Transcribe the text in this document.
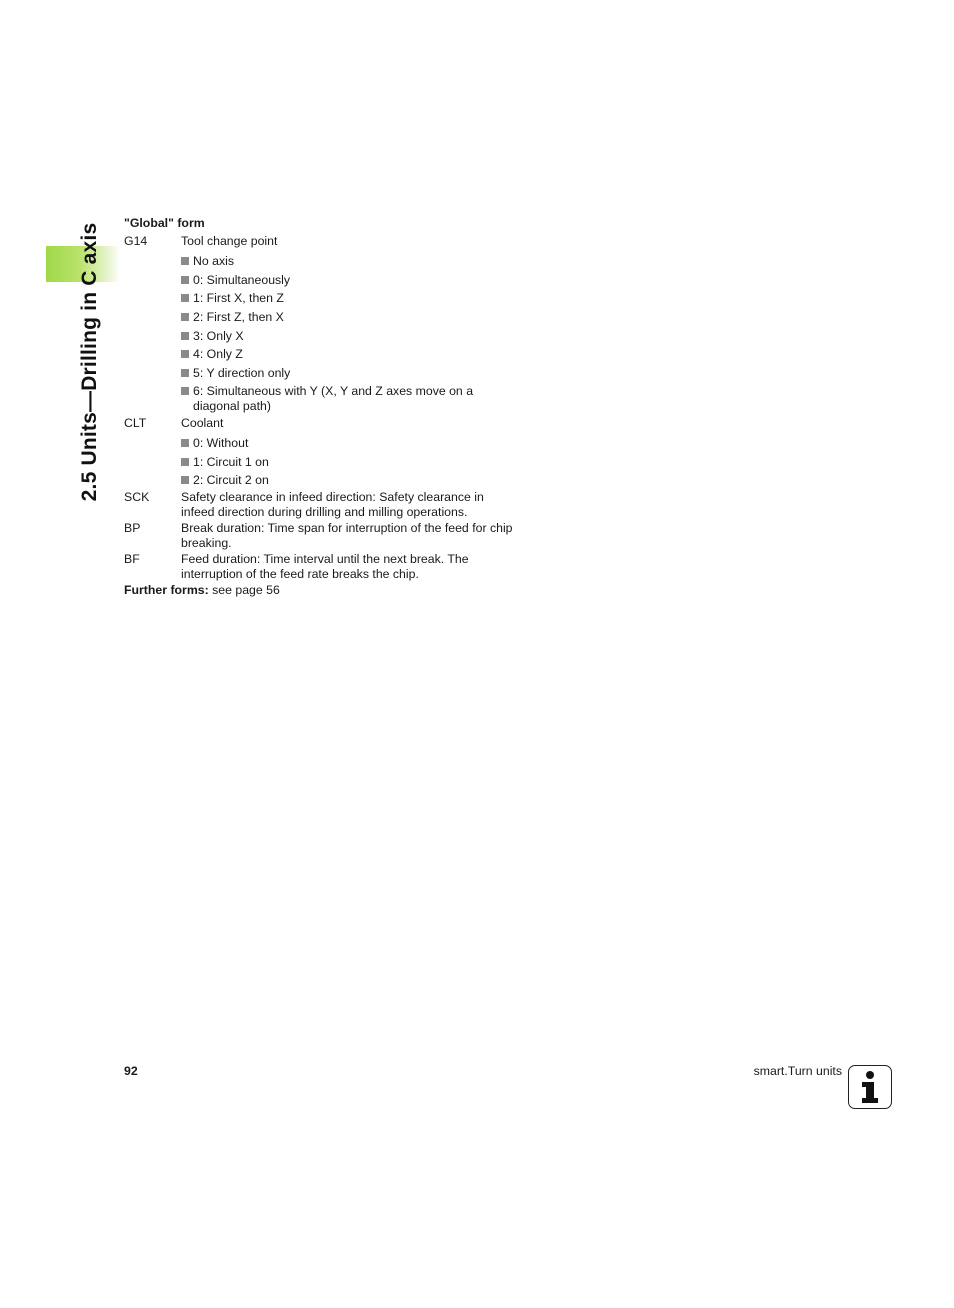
2.5 Units—Drilling in C axis "Global" form
G14	Tool change point
No axis
0: Simultaneously
1: First X, then Z
2: First Z, then X
3: Only X
4: Only Z
5: Y direction only
6: Simultaneous with Y (X, Y and Z axes move on a diagonal path)
CLT	Coolant
0: Without
1: Circuit 1 on
2: Circuit 2 on
SCK	Safety clearance in infeed direction: Safety clearance in infeed direction during drilling and milling operations.
BP	Break duration: Time span for interruption of the feed for chip breaking.
BF	Feed duration: Time interval until the next break. The interruption of the feed rate breaks the chip.
Further forms: see page 56
92	smart.Turn units
